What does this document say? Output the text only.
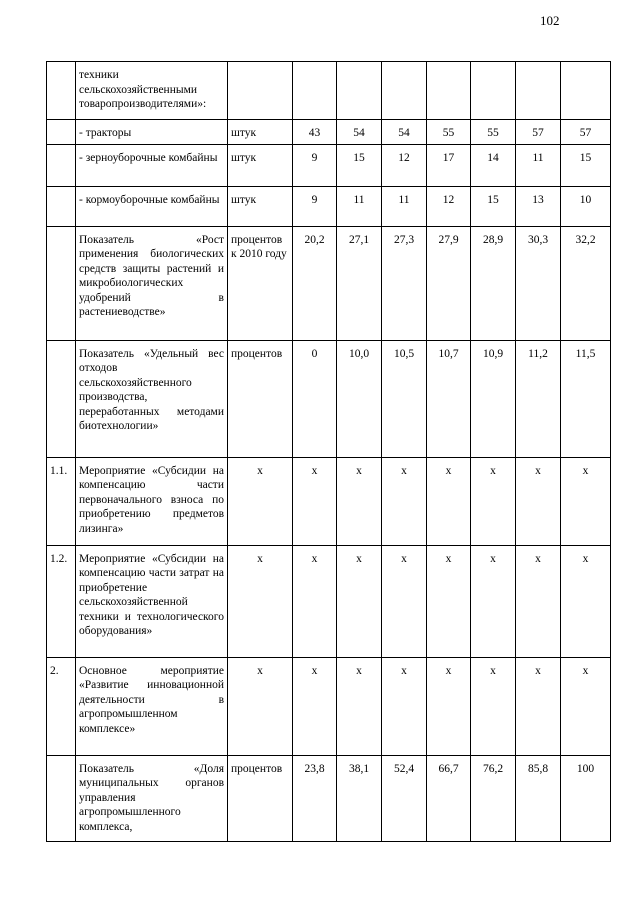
102
	техники сельскохозяйственными товаропроизводителями»:								
	- тракторы	штук	43	54	54	55	55	57	57
	- зерноуборочные комбайны	штук	9	15	12	17	14	11	15
	- кормоуборочные комбайны	штук	9	11	11	12	15	13	10
	Показатель «Рост применения биологических средств защиты растений и микробиологических удобрений в растениеводстве»	процентов к 2010 году	20,2	27,1	27,3	27,9	28,9	30,3	32,2
	Показатель «Удельный вес отходов сельскохозяйственного производства, переработанных методами биотехнологии»	процентов	0	10,0	10,5	10,7	10,9	11,2	11,5
1.1.	Мероприятие «Субсидии на компенсацию части первоначального взноса по приобретению предметов лизинга»	х	х	х	х	х	х	х	х
1.2.	Мероприятие «Субсидии на компенсацию части затрат на приобретение сельскохозяйственной техники и технологического оборудования»	х	х	х	х	х	х	х	х
2.	Основное мероприятие «Развитие инновационной деятельности в агропромышленном комплексе»	х	х	х	х	х	х	х	х
	Показатель «Доля муниципальных органов управления агропромышленного комплекса,	процентов	23,8	38,1	52,4	66,7	76,2	85,8	100
